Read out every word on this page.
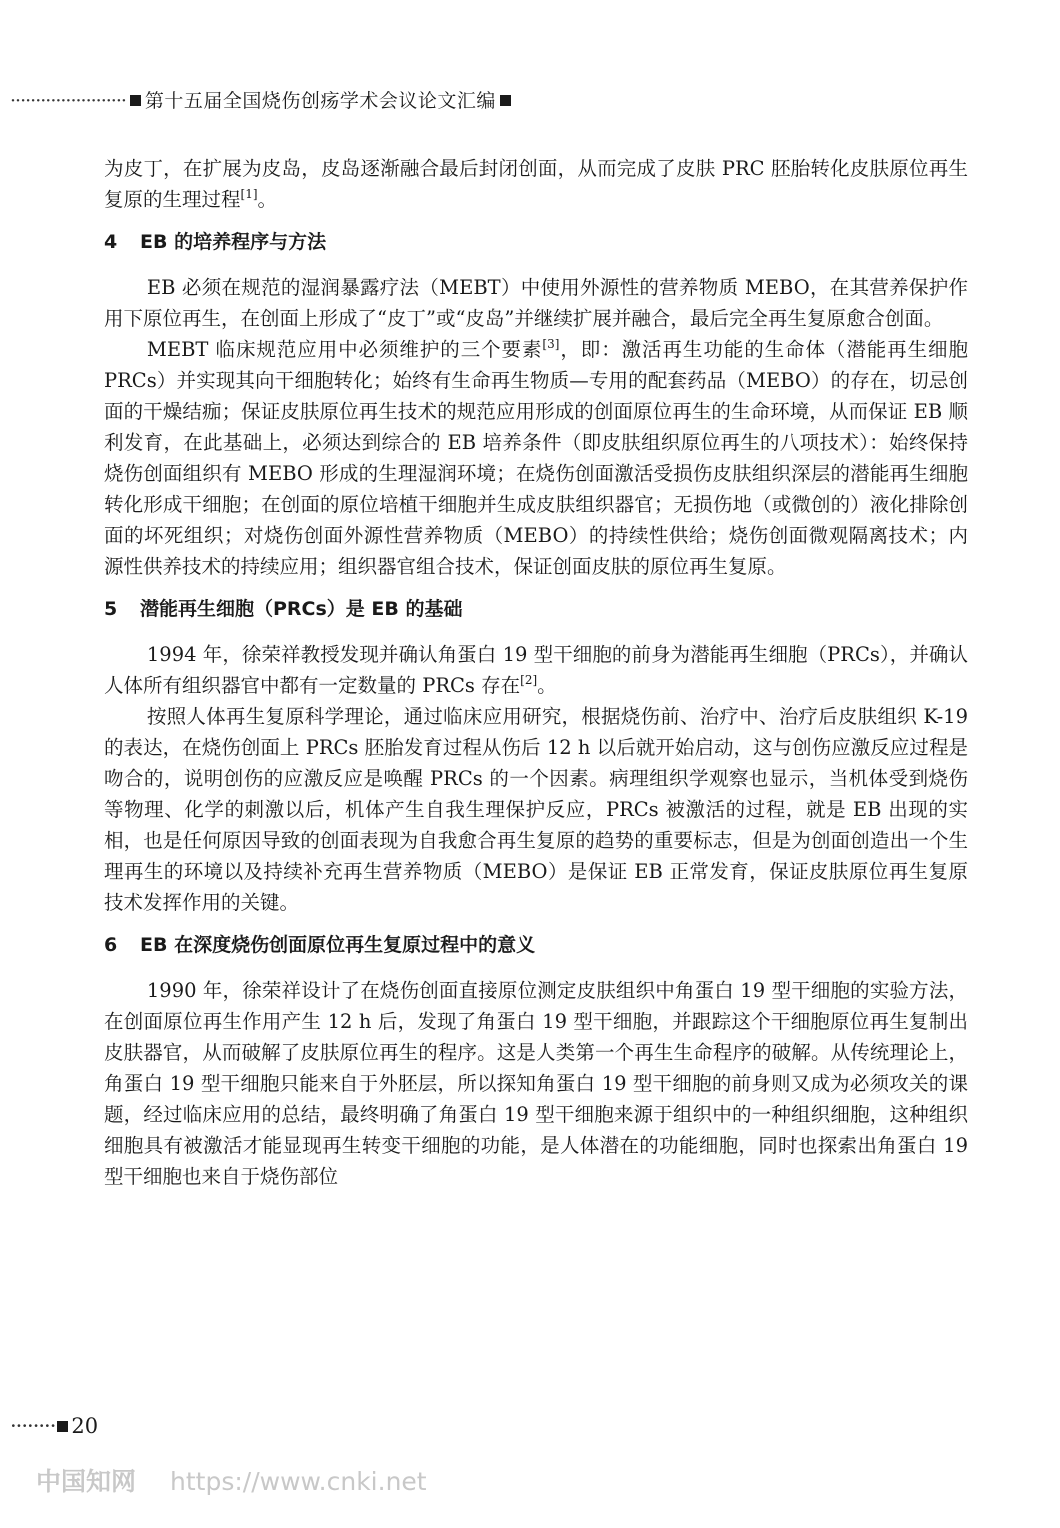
······················· 第十五届全国烧伤创疡学术会议论文汇编

为皮丁，在扩展为皮岛，皮岛逐渐融合最后封闭创面，从而完成了皮肤 PRC 胚胎转化皮肤原位再生复原的生理过程[1]。

4 EB 的培养程序与方法

EB 必须在规范的湿润暴露疗法（MEBT）中使用外源性的营养物质 MEBO，在其营养保护作用下原位再生，在创面上形成了“皮丁”或“皮岛”并继续扩展并融合，最后完全再生复原愈合创面。

MEBT 临床规范应用中必须维护的三个要素[3]，即：激活再生功能的生命体（潜能再生细胞 PRCs）并实现其向干细胞转化；始终有生命再生物质—专用的配套药品（MEBO）的存在，切忌创面的干燥结痂；保证皮肤原位再生技术的规范应用形成的创面原位再生的生命环境，从而保证 EB 顺利发育，在此基础上，必须达到综合的 EB 培养条件（即皮肤组织原位再生的八项技术）：始终保持烧伤创面组织有 MEBO 形成的生理湿润环境；在烧伤创面激活受损伤皮肤组织深层的潜能再生细胞转化形成干细胞；在创面的原位培植干细胞并生成皮肤组织器官；无损伤地（或微创的）液化排除创面的坏死组织；对烧伤创面外源性营养物质（MEBO）的持续性供给；烧伤创面微观隔离技术；内源性供养技术的持续应用；组织器官组合技术，保证创面皮肤的原位再生复原。

5 潜能再生细胞（PRCs）是 EB 的基础

1994 年，徐荣祥教授发现并确认角蛋白 19 型干细胞的前身为潜能再生细胞（PRCs），并确认人体所有组织器官中都有一定数量的 PRCs 存在[2]。

按照人体再生复原科学理论，通过临床应用研究，根据烧伤前、治疗中、治疗后皮肤组织 K-19 的表达，在烧伤创面上 PRCs 胚胎发育过程从伤后 12 h 以后就开始启动，这与创伤应激反应过程是吻合的，说明创伤的应激反应是唤醒 PRCs 的一个因素。病理组织学观察也显示，当机体受到烧伤等物理、化学的刺激以后，机体产生自我生理保护反应，PRCs 被激活的过程，就是 EB 出现的实相，也是任何原因导致的创面表现为自我愈合再生复原的趋势的重要标志，但是为创面创造出一个生理再生的环境以及持续补充再生营养物质（MEBO）是保证 EB 正常发育，保证皮肤原位再生复原技术发挥作用的关键。

6 EB 在深度烧伤创面原位再生复原过程中的意义

1990 年，徐荣祥设计了在烧伤创面直接原位测定皮肤组织中角蛋白 19 型干细胞的实验方法，在创面原位再生作用产生 12 h 后，发现了角蛋白 19 型干细胞，并跟踪这个干细胞原位再生复制出皮肤器官，从而破解了皮肤原位再生的程序。这是人类第一个再生生命程序的破解。从传统理论上，角蛋白 19 型干细胞只能来自于外胚层，所以探知角蛋白 19 型干细胞的前身则又成为必须攻关的课题，经过临床应用的总结，最终明确了角蛋白 19 型干细胞来源于组织中的一种组织细胞，这种组织细胞具有被激活才能显现再生转变干细胞的功能，是人体潜在的功能细胞，同时也探索出角蛋白 19 型干细胞也来自于烧伤部位

········ 20
中国知网 https://www.cnki.net
